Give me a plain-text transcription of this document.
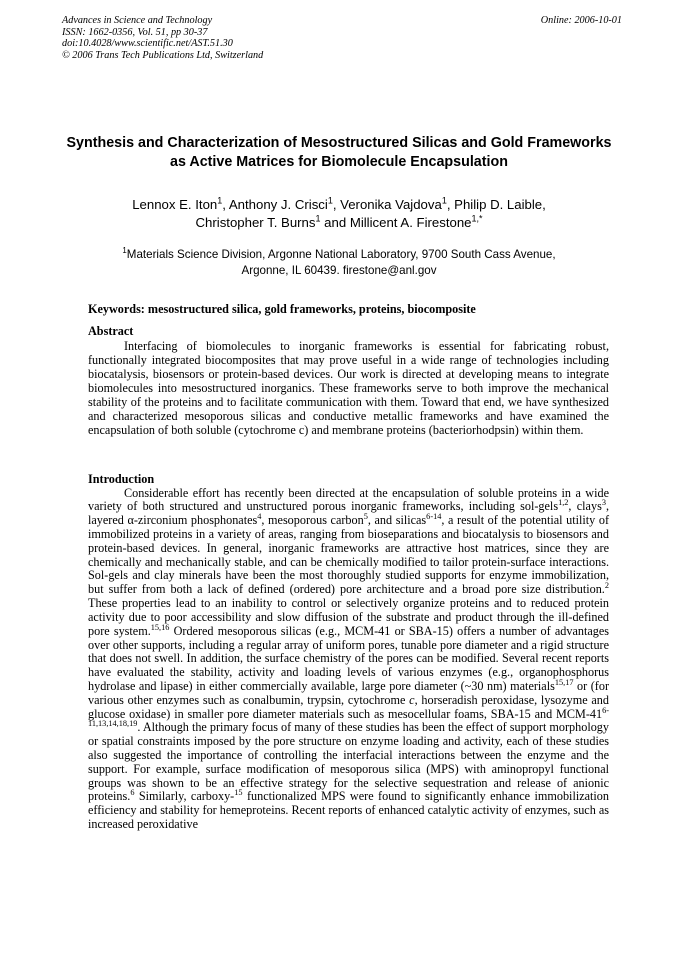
Advances in Science and Technology
ISSN: 1662-0356, Vol. 51, pp 30-37
doi:10.4028/www.scientific.net/AST.51.30
© 2006 Trans Tech Publications Ltd, Switzerland
Online: 2006-10-01
Synthesis and Characterization of Mesostructured Silicas and Gold Frameworks as Active Matrices for Biomolecule Encapsulation
Lennox E. Iton$^1$, Anthony J. Crisci$^1$, Veronika Vajdova$^1$, Philip D. Laible,
Christopher T. Burns$^1$ and Millicent A. Firestone$^{1,*}$
$^1$Materials Science Division, Argonne National Laboratory, 9700 South Cass Avenue,
Argonne, IL 60439. firestone@anl.gov
Keywords: mesostructured silica, gold frameworks, proteins, biocomposite
Abstract

Interfacing of biomolecules to inorganic frameworks is essential for fabricating robust, functionally integrated biocomposites that may prove useful in a wide range of technologies including biocatalysis, biosensors or protein-based devices. Our work is directed at developing means to integrate biomolecules into mesostructured inorganics. These frameworks serve to both improve the mechanical stability of the proteins and to facilitate communication with them. Toward that end, we have synthesized and characterized mesoporous silicas and conductive metallic frameworks and have examined the encapsulation of both soluble (cytochrome c) and membrane proteins (bacteriorhodpsin) within them.

Introduction

Considerable effort has recently been directed at the encapsulation of soluble proteins in a wide variety of both structured and unstructured porous inorganic frameworks, including sol-gels$^{1,2}$, clays$^3$, layered α-zirconium phosphonates$^4$, mesoporous carbon$^5$, and silicas$^{6-14}$, a result of the potential utility of immobilized proteins in a variety of areas, ranging from bioseparations and biocatalysis to biosensors and protein-based devices. In general, inorganic frameworks are attractive host matrices, since they are chemically and mechanically stable, and can be chemically modified to tailor protein-surface interactions. Sol-gels and clay minerals have been the most thoroughly studied supports for enzyme immobilization, but suffer from both a lack of defined (ordered) pore architecture and a broad pore size distribution.$^2$ These properties lead to an inability to control or selectively organize proteins and to reduced protein activity due to poor accessibility and slow diffusion of the substrate and product through the ill-defined pore system.$^{15,16}$ Ordered mesoporous silicas (e.g., MCM-41 or SBA-15) offers a number of advantages over other supports, including a regular array of uniform pores, tunable pore diameter and a rigid structure that does not swell. In addition, the surface chemistry of the pores can be modified. Several recent reports have evaluated the stability, activity and loading levels of various enzymes (e.g., organophosphorus hydrolase and lipase) in either commercially available, large pore diameter (~30 nm) materials$^{15,17}$ or (for various other enzymes such as conalbumin, trypsin, cytochrome c, horseradish peroxidase, lysozyme and glucose oxidase) in smaller pore diameter materials such as mesocellular foams, SBA-15 and MCM-41$^{6-11,13,14,18,19}$. Although the primary focus of many of these studies has been the effect of support morphology or spatial constraints imposed by the pore structure on enzyme loading and activity, each of these studies also suggested the importance of controlling the interfacial interactions between the enzyme and the support. For example, surface modification of mesoporous silica (MPS) with aminopropyl functional groups was shown to be an effective strategy for the selective sequestration and release of anionic proteins.$^6$ Similarly, carboxy-$^{15}$ functionalized MPS were found to significantly enhance immobilization efficiency and stability for hemeproteins. Recent reports of enhanced catalytic activity of enzymes, such as increased peroxidative
